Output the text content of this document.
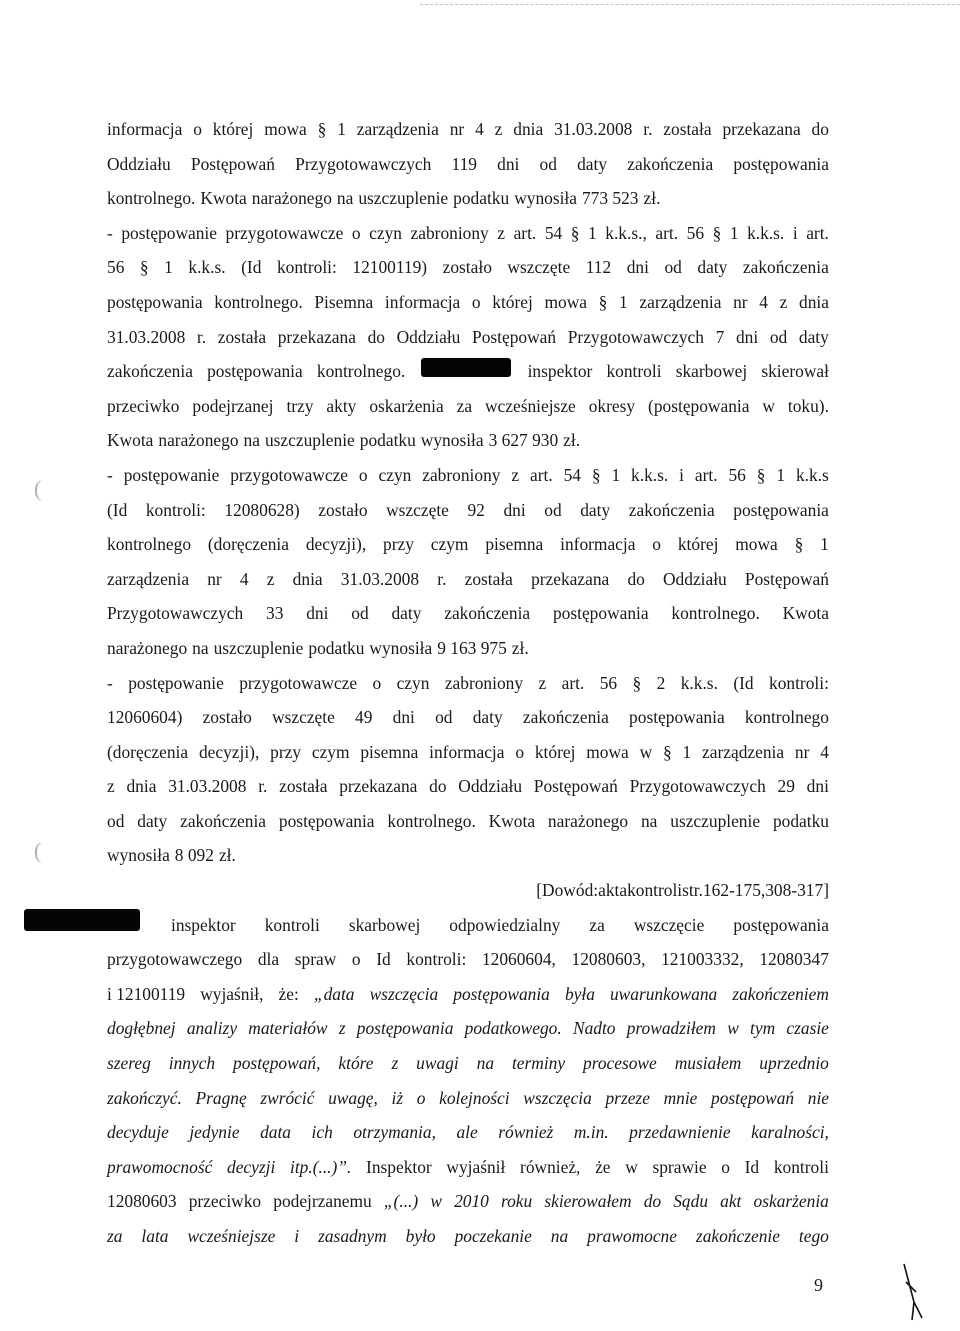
(
(
informacja o której mowa § 1 zarządzenia nr 4 z dnia 31.03.2008 r. została przekazana do
Oddziału Postępowań Przygotowawczych 119 dni od daty zakończenia postępowania
kontrolnego. Kwota narażonego na uszczuplenie podatku wynosiła 773 523 zł.
- postępowanie przygotowawcze o czyn zabroniony z art. 54 § 1 k.k.s., art. 56 § 1 k.k.s. i art.
56 § 1 k.k.s. (Id kontroli: 12100119) zostało wszczęte 112 dni od daty zakończenia
postępowania kontrolnego. Pisemna informacja o której mowa § 1 zarządzenia nr 4 z dnia
31.03.2008 r. została przekazana do Oddziału Postępowań Przygotowawczych 7 dni od daty
zakończenia postępowania kontrolnego.	inspektor kontroli skarbowej skierował
przeciwko podejrzanej trzy akty oskarżenia za wcześniejsze okresy (postępowania w toku).
Kwota narażonego na uszczuplenie podatku wynosiła 3 627 930 zł.
- postępowanie przygotowawcze o czyn zabroniony z art. 54 § 1 k.k.s. i art. 56 § 1 k.k.s
(Id kontroli: 12080628) zostało wszczęte 92 dni od daty zakończenia postępowania
kontrolnego (doręczenia decyzji), przy czym pisemna informacja o której mowa § 1
zarządzenia nr 4 z dnia 31.03.2008 r. została przekazana do Oddziału Postępowań
Przygotowawczych 33 dni od daty zakończenia postępowania kontrolnego. Kwota
narażonego na uszczuplenie podatku wynosiła 9 163 975 zł.
- postępowanie przygotowawcze o czyn zabroniony z art. 56 § 2 k.k.s. (Id kontroli:
12060604) zostało wszczęte 49 dni od daty zakończenia postępowania kontrolnego
(doręczenia decyzji), przy czym pisemna informacja o której mowa w § 1 zarządzenia nr 4
z dnia 31.03.2008 r. została przekazana do Oddziału Postępowań Przygotowawczych 29 dni
od daty zakończenia postępowania kontrolnego. Kwota narażonego na uszczuplenie podatku
wynosiła 8 092 zł.
[Dowód: akta kontroli str. 162-175, 308-317]
inspektor kontroli skarbowej odpowiedzialny za wszczęcie postępowania
przygotowawczego dla spraw o Id kontroli: 12060604, 12080603, 121003332, 12080347
i 12100119 wyjaśnił, że: „data wszczęcia postępowania była uwarunkowana zakończeniem
dogłębnej analizy materiałów z postępowania podatkowego. Nadto prowadziłem w tym czasie
szereg innych postępowań, które z uwagi na terminy procesowe musiałem uprzednio
zakończyć. Pragnę zwrócić uwagę, iż o kolejności wszczęcia przeze mnie postępowań nie
decyduje jedynie data ich otrzymania, ale również m.in. przedawnienie karalności,
prawomocność decyzji itp.(...)”. Inspektor wyjaśnił również, że w sprawie o Id kontroli
12080603 przeciwko podejrzanemu „(...) w 2010 roku skierowałem do Sądu akt oskarżenia
za lata wcześniejsze i zasadnym było poczekanie na prawomocne zakończenie tego
9
